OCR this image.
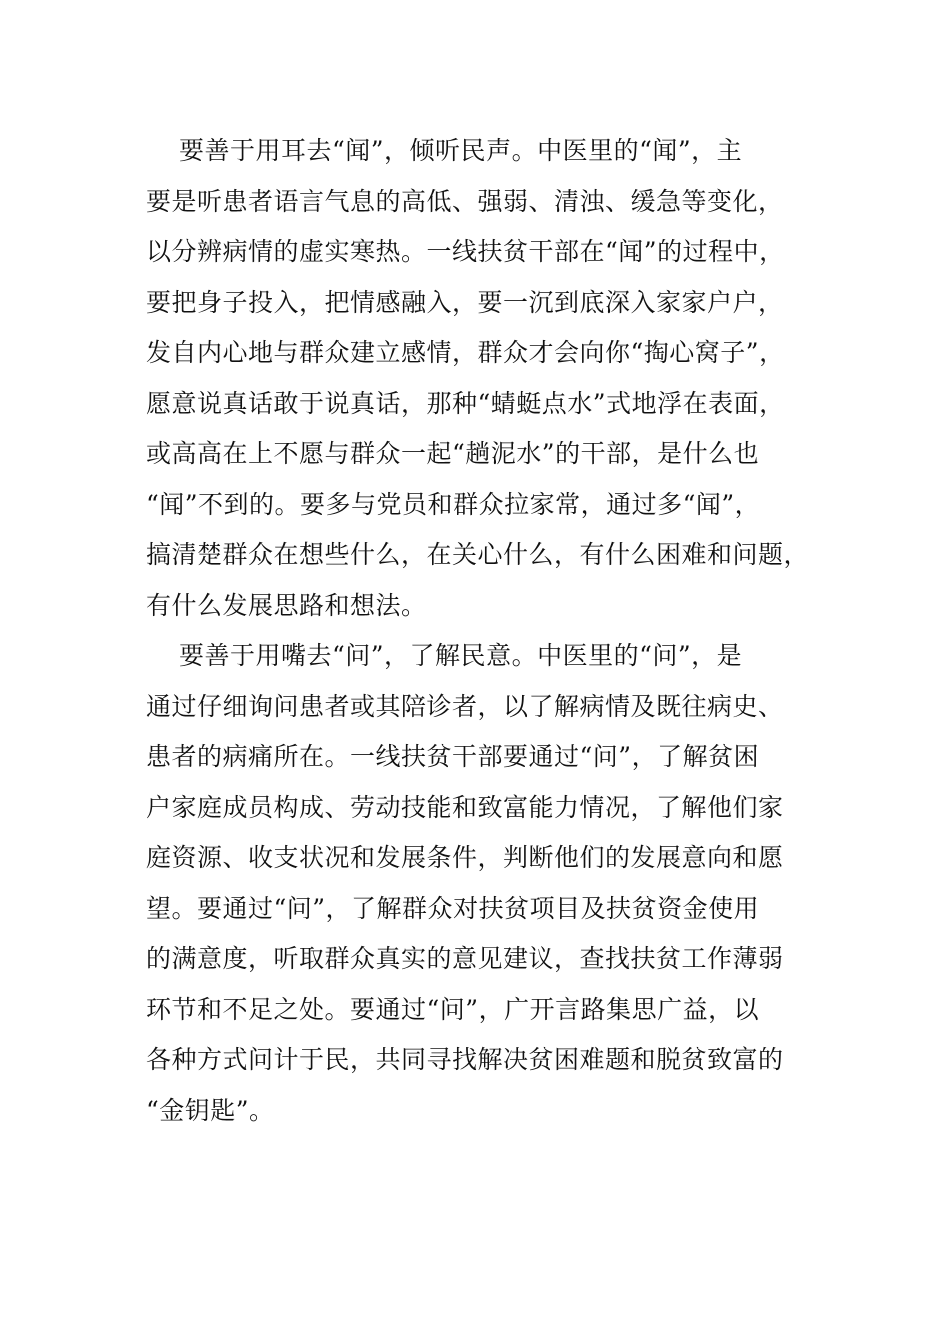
要善于用耳去“闻”，倾听民声。中医里的“闻”，主
要是听患者语言气息的高低、强弱、清浊、缓急等变化，
以分辨病情的虚实寒热。一线扶贫干部在“闻”的过程中，
要把身子投入，把情感融入，要一沉到底深入家家户户，
发自内心地与群众建立感情，群众才会向你“掏心窝子”，
愿意说真话敢于说真话，那种“蜻蜓点水”式地浮在表面，
或高高在上不愿与群众一起“趟泥水”的干部，是什么也
“闻”不到的。要多与党员和群众拉家常，通过多“闻”，
搞清楚群众在想些什么，在关心什么，有什么困难和问题，
有什么发展思路和想法。
要善于用嘴去“问”，了解民意。中医里的“问”，是
通过仔细询问患者或其陪诊者，以了解病情及既往病史、
患者的病痛所在。一线扶贫干部要通过“问”，了解贫困
户家庭成员构成、劳动技能和致富能力情况，了解他们家
庭资源、收支状况和发展条件，判断他们的发展意向和愿
望。要通过“问”，了解群众对扶贫项目及扶贫资金使用
的满意度，听取群众真实的意见建议，查找扶贫工作薄弱
环节和不足之处。要通过“问”，广开言路集思广益，以
各种方式问计于民，共同寻找解决贫困难题和脱贫致富的
“金钥匙”。
